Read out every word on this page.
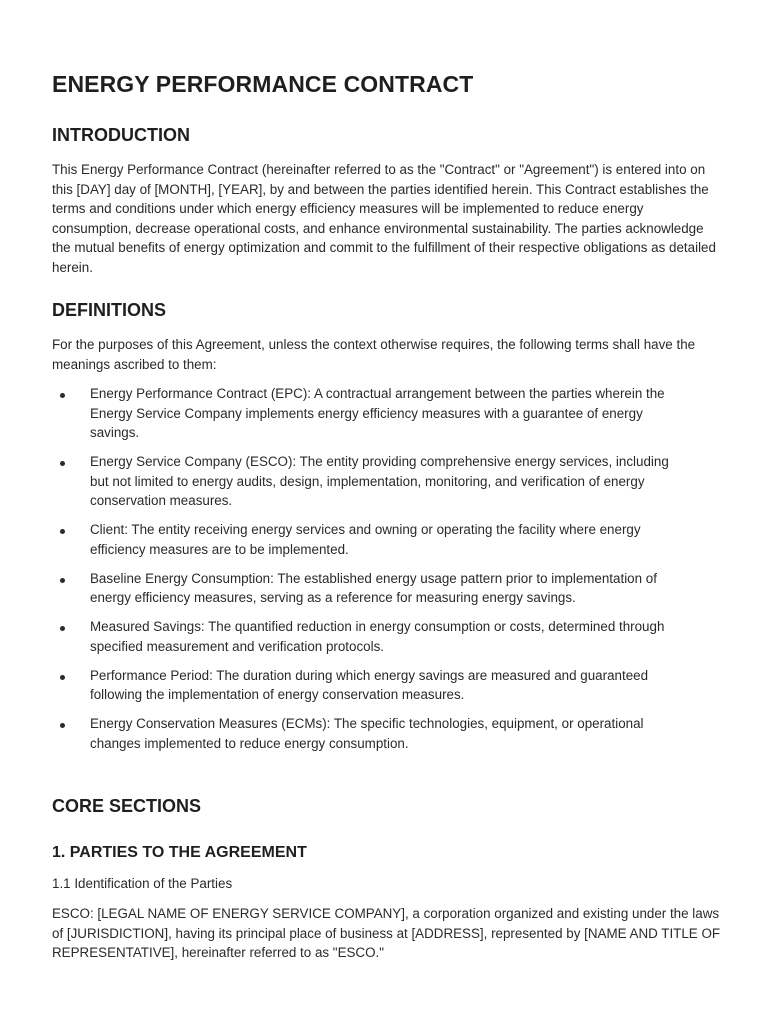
ENERGY PERFORMANCE CONTRACT
INTRODUCTION

This Energy Performance Contract (hereinafter referred to as the "Contract" or "Agreement") is entered into on this [DAY] day of [MONTH], [YEAR], by and between the parties identified herein. This Contract establishes the terms and conditions under which energy efficiency measures will be implemented to reduce energy consumption, decrease operational costs, and enhance environmental sustainability. The parties acknowledge the mutual benefits of energy optimization and commit to the fulfillment of their respective obligations as detailed herein.

DEFINITIONS

For the purposes of this Agreement, unless the context otherwise requires, the following terms shall have the meanings ascribed to them:

Energy Performance Contract (EPC): A contractual arrangement between the parties wherein the Energy Service Company implements energy efficiency measures with a guarantee of energy savings.
Energy Service Company (ESCO): The entity providing comprehensive energy services, including but not limited to energy audits, design, implementation, monitoring, and verification of energy conservation measures.
Client: The entity receiving energy services and owning or operating the facility where energy efficiency measures are to be implemented.
Baseline Energy Consumption: The established energy usage pattern prior to implementation of energy efficiency measures, serving as a reference for measuring energy savings.
Measured Savings: The quantified reduction in energy consumption or costs, determined through specified measurement and verification protocols.
Performance Period: The duration during which energy savings are measured and guaranteed following the implementation of energy conservation measures.
Energy Conservation Measures (ECMs): The specific technologies, equipment, or operational changes implemented to reduce energy consumption.
CORE SECTIONS
1. PARTIES TO THE AGREEMENT

1.1 Identification of the Parties

ESCO: [LEGAL NAME OF ENERGY SERVICE COMPANY], a corporation organized and existing under the laws of [JURISDICTION], having its principal place of business at [ADDRESS], represented by [NAME AND TITLE OF REPRESENTATIVE], hereinafter referred to as "ESCO."
